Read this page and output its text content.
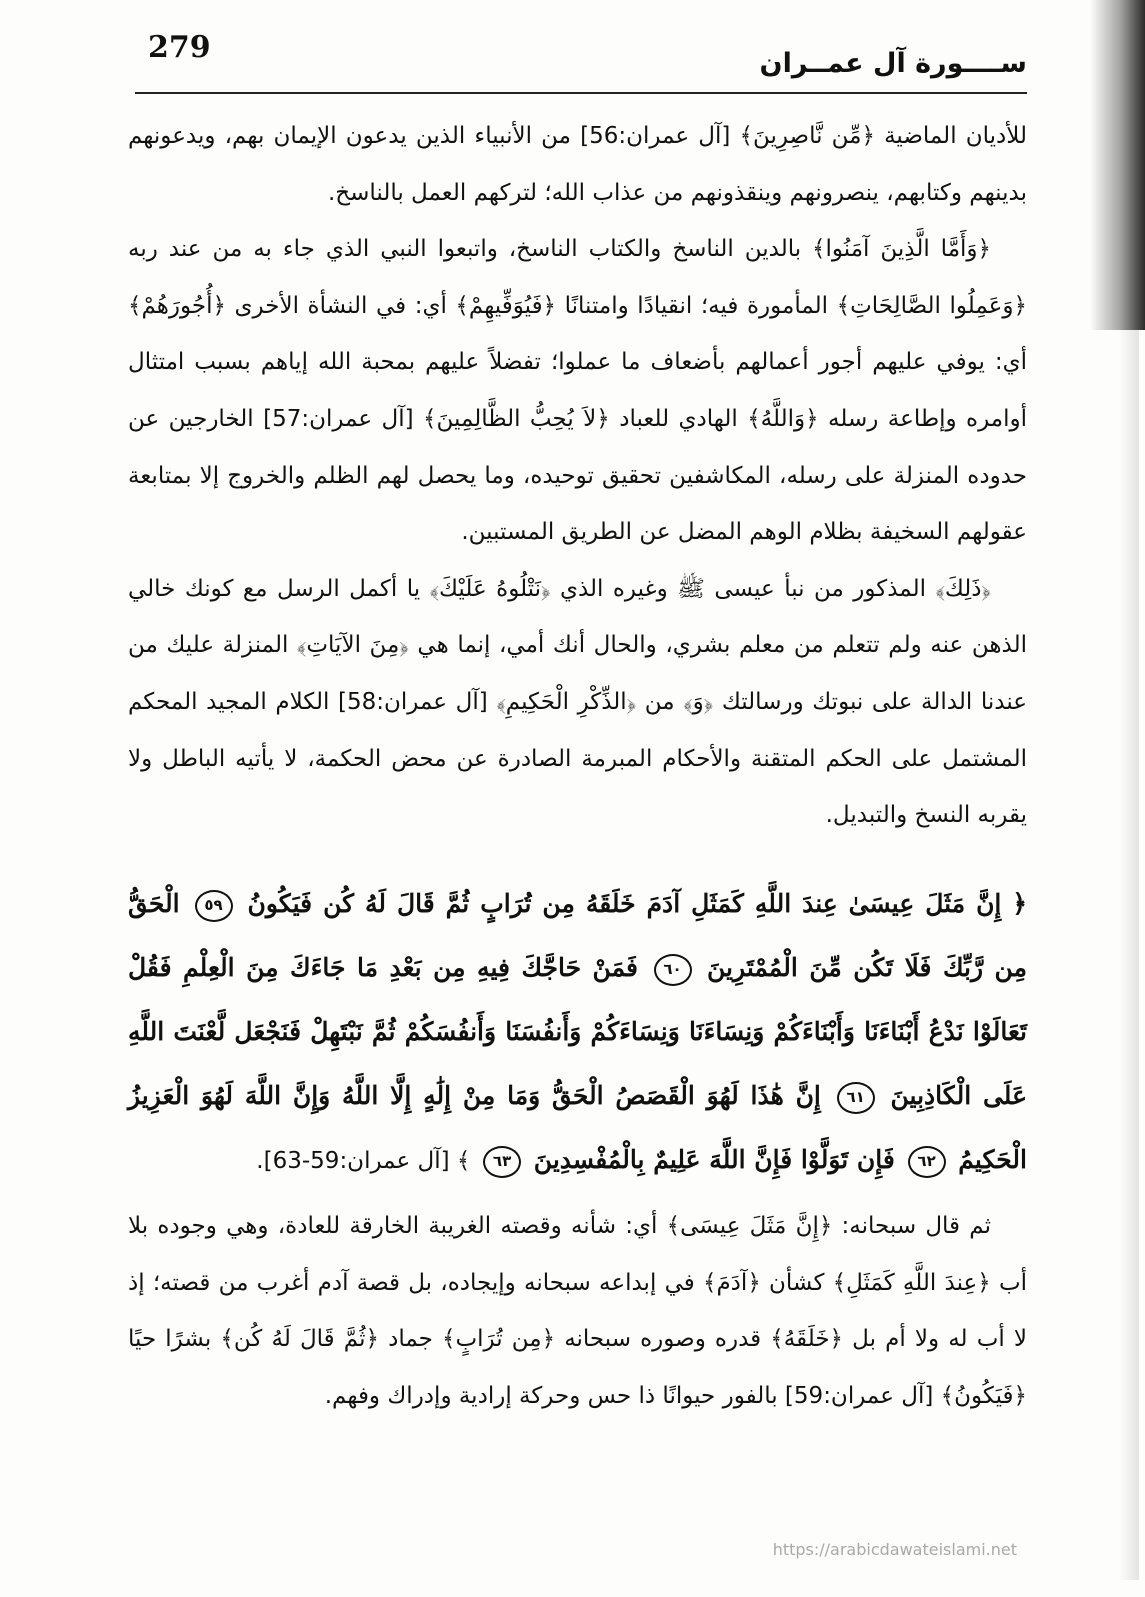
279	ســــورة آل عمــران

للأديان الماضية ﴿مِّن نَّاصِرِينَ﴾ [آل عمران:56] من الأنبياء الذين يدعون الإيمان بهم، ويدعونهم بدينهم وكتابهم، ينصرونهم وينقذونهم من عذاب الله؛ لتركهم العمل بالناسخ.

﴿وَأَمَّا الَّذِينَ آمَنُوا﴾ بالدين الناسخ والكتاب الناسخ، واتبعوا النبي الذي جاء به من عند ربه ﴿وَعَمِلُوا الصَّالِحَاتِ﴾ المأمورة فيه؛ انقيادًا وامتنانًا ﴿فَيُوَفِّيهِمْ﴾ أي: في النشأة الأخرى ﴿أُجُورَهُمْ﴾ أي: يوفي عليهم أجور أعمالهم بأضعاف ما عملوا؛ تفضلاً عليهم بمحبة الله إياهم بسبب امتثال أوامره وإطاعة رسله ﴿وَاللَّهُ﴾ الهادي للعباد ﴿لاَ يُحِبُّ الظَّالِمِينَ﴾ [آل عمران:57] الخارجين عن حدوده المنزلة على رسله، المكاشفين تحقيق توحيده، وما يحصل لهم الظلم والخروج إلا بمتابعة عقولهم السخيفة بظلام الوهم المضل عن الطريق المستبين.

﴿ذَلِكَ﴾ المذكور من نبأ عيسى ﷺ وغيره الذي ﴿نَتْلُوهُ عَلَيْكَ﴾ يا أكمل الرسل مع كونك خالي الذهن عنه ولم تتعلم من معلم بشري، والحال أنك أمي، إنما هي ﴿مِنَ الآيَاتِ﴾ المنزلة عليك من عندنا الدالة على نبوتك ورسالتك ﴿وَ﴾ من ﴿الذِّكْرِ الْحَكِيمِ﴾ [آل عمران:58] الكلام المجيد المحكم المشتمل على الحكم المتقنة والأحكام المبرمة الصادرة عن محض الحكمة، لا يأتيه الباطل ولا يقربه النسخ والتبديل.

﴿ إِنَّ مَثَلَ عِيسَىٰ عِندَ اللَّهِ كَمَثَلِ آدَمَ خَلَقَهُ مِن تُرَابٍ ثُمَّ قَالَ لَهُ كُن فَيَكُونُ ٥٩ الْحَقُّ مِن رَّبِّكَ فَلَا تَكُن مِّنَ الْمُمْتَرِينَ ٦٠ فَمَنْ حَاجَّكَ فِيهِ مِن بَعْدِ مَا جَاءَكَ مِنَ الْعِلْمِ فَقُلْ تَعَالَوْا نَدْعُ أَبْنَاءَنَا وَأَبْنَاءَكُمْ وَنِسَاءَنَا وَنِسَاءَكُمْ وَأَنفُسَنَا وَأَنفُسَكُمْ ثُمَّ نَبْتَهِلْ فَنَجْعَل لَّعْنَتَ اللَّهِ عَلَى الْكَاذِبِينَ ٦١ إِنَّ هَٰذَا لَهُوَ الْقَصَصُ الْحَقُّ وَمَا مِنْ إِلَٰهٍ إِلَّا اللَّهُ وَإِنَّ اللَّهَ لَهُوَ الْعَزِيزُ الْحَكِيمُ ٦٢ فَإِن تَوَلَّوْا فَإِنَّ اللَّهَ عَلِيمٌ بِالْمُفْسِدِينَ ٦٣ ﴾ [آل عمران:59-63].

ثم قال سبحانه: ﴿إِنَّ مَثَلَ عِيسَى﴾ أي: شأنه وقصته الغريبة الخارقة للعادة، وهي وجوده بلا أب ﴿عِندَ اللَّهِ كَمَثَلِ﴾ كشأن ﴿آدَمَ﴾ في إبداعه سبحانه وإيجاده، بل قصة آدم أغرب من قصته؛ إذ لا أب له ولا أم بل ﴿خَلَقَهُ﴾ قدره وصوره سبحانه ﴿مِن تُرَابٍ﴾ جماد ﴿ثُمَّ قَالَ لَهُ كُن﴾ بشرًا حيًا ﴿فَيَكُونُ﴾ [آل عمران:59] بالفور حيوانًا ذا حس وحركة إرادية وإدراك وفهم.

https://arabicdawateislami.net
